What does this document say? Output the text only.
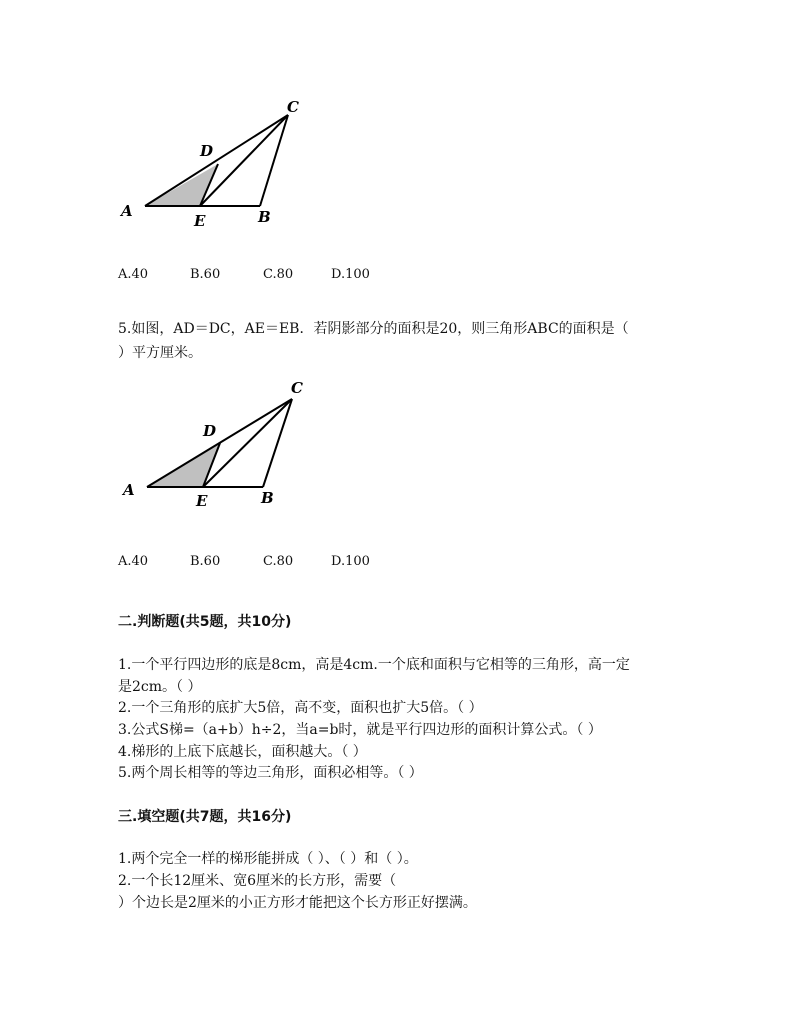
A
E	B
D
C
A.40	B.60	C.80	D.100
5.如图，AD＝DC，AE＝EB．若阴影部分的面积是20，则三角形ABC的面积是（
）平方厘米。
A
E	B
D
C
A.40	B.60	C.80	D.100
二.判断题(共5题，共10分)
1.一个平行四边形的底是8cm，高是4cm.一个底和面积与它相等的三角形，高一定
是2cm。（ ）
2.一个三角形的底扩大5倍，高不变，面积也扩大5倍。（ ）
3.公式S梯=（a+b）h÷2，当a=b时，就是平行四边形的面积计算公式。（ ）
4.梯形的上底下底越长，面积越大。（ ）
5.两个周长相等的等边三角形，面积必相等。（ ）
三.填空题(共7题，共16分)
1.两个完全一样的梯形能拼成（ ）、（ ）和（ ）。
2.一个长12厘米、宽6厘米的长方形，需要（
）个边长是2厘米的小正方形才能把这个长方形正好摆满。
